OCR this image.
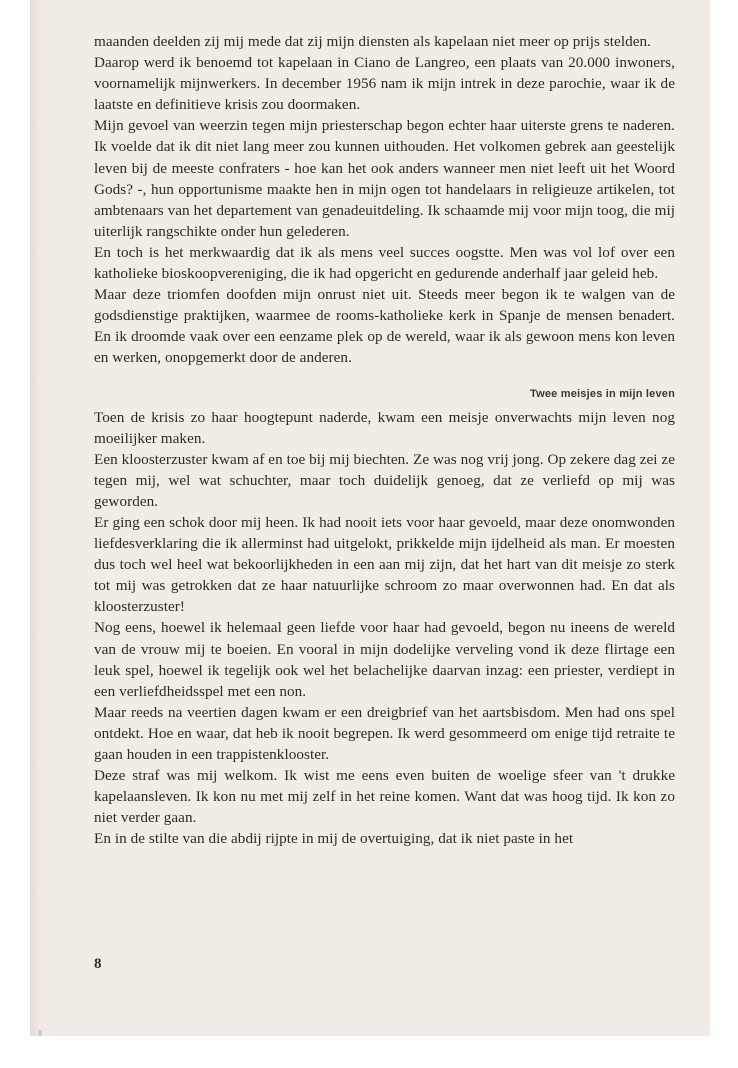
maanden deelden zij mij mede dat zij mijn diensten als kapelaan niet meer op prijs stelden.

Daarop werd ik benoemd tot kapelaan in Ciano de Langreo, een plaats van 20.000 inwoners, voornamelijk mijnwerkers. In december 1956 nam ik mijn intrek in deze parochie, waar ik de laatste en definitieve krisis zou doormaken.

Mijn gevoel van weerzin tegen mijn priesterschap begon echter haar uiterste grens te naderen. Ik voelde dat ik dit niet lang meer zou kunnen uithouden. Het volkomen gebrek aan geestelijk leven bij de meeste confraters - hoe kan het ook anders wanneer men niet leeft uit het Woord Gods? -, hun opportunisme maakte hen in mijn ogen tot handelaars in religieuze artikelen, tot ambtenaars van het departement van genadeuitdeling. Ik schaamde mij voor mijn toog, die mij uiterlijk rangschikte onder hun gelederen.

En toch is het merkwaardig dat ik als mens veel succes oogstte. Men was vol lof over een katholieke bioskoopvereniging, die ik had opgericht en gedurende anderhalf jaar geleid heb.

Maar deze triomfen doofden mijn onrust niet uit. Steeds meer begon ik te walgen van de godsdienstige praktijken, waarmee de rooms-katholieke kerk in Spanje de mensen benadert. En ik droomde vaak over een eenzame plek op de wereld, waar ik als gewoon mens kon leven en werken, onopgemerkt door de anderen.

Twee meisjes in mijn leven

Toen de krisis zo haar hoogtepunt naderde, kwam een meisje onverwachts mijn leven nog moeilijker maken.

Een kloosterzuster kwam af en toe bij mij biechten. Ze was nog vrij jong. Op zekere dag zei ze tegen mij, wel wat schuchter, maar toch duidelijk genoeg, dat ze verliefd op mij was geworden.

Er ging een schok door mij heen. Ik had nooit iets voor haar gevoeld, maar deze onomwonden liefdesverklaring die ik allerminst had uitgelokt, prikkelde mijn ijdelheid als man. Er moesten dus toch wel heel wat bekoorlijkheden in een aan mij zijn, dat het hart van dit meisje zo sterk tot mij was getrokken dat ze haar natuurlijke schroom zo maar overwonnen had. En dat als kloosterzuster!

Nog eens, hoewel ik helemaal geen liefde voor haar had gevoeld, begon nu ineens de wereld van de vrouw mij te boeien. En vooral in mijn dodelijke verveling vond ik deze flirtage een leuk spel, hoewel ik tegelijk ook wel het belachelijke daarvan inzag: een priester, verdiept in een verliefdheidsspel met een non.

Maar reeds na veertien dagen kwam er een dreigbrief van het aartsbisdom. Men had ons spel ontdekt. Hoe en waar, dat heb ik nooit begrepen. Ik werd gesommeerd om enige tijd retraite te gaan houden in een trappistenklooster.

Deze straf was mij welkom. Ik wist me eens even buiten de woelige sfeer van 't drukke kapelaansleven. Ik kon nu met mij zelf in het reine komen. Want dat was hoog tijd. Ik kon zo niet verder gaan.

En in de stilte van die abdij rijpte in mij de overtuiging, dat ik niet paste in het

8
